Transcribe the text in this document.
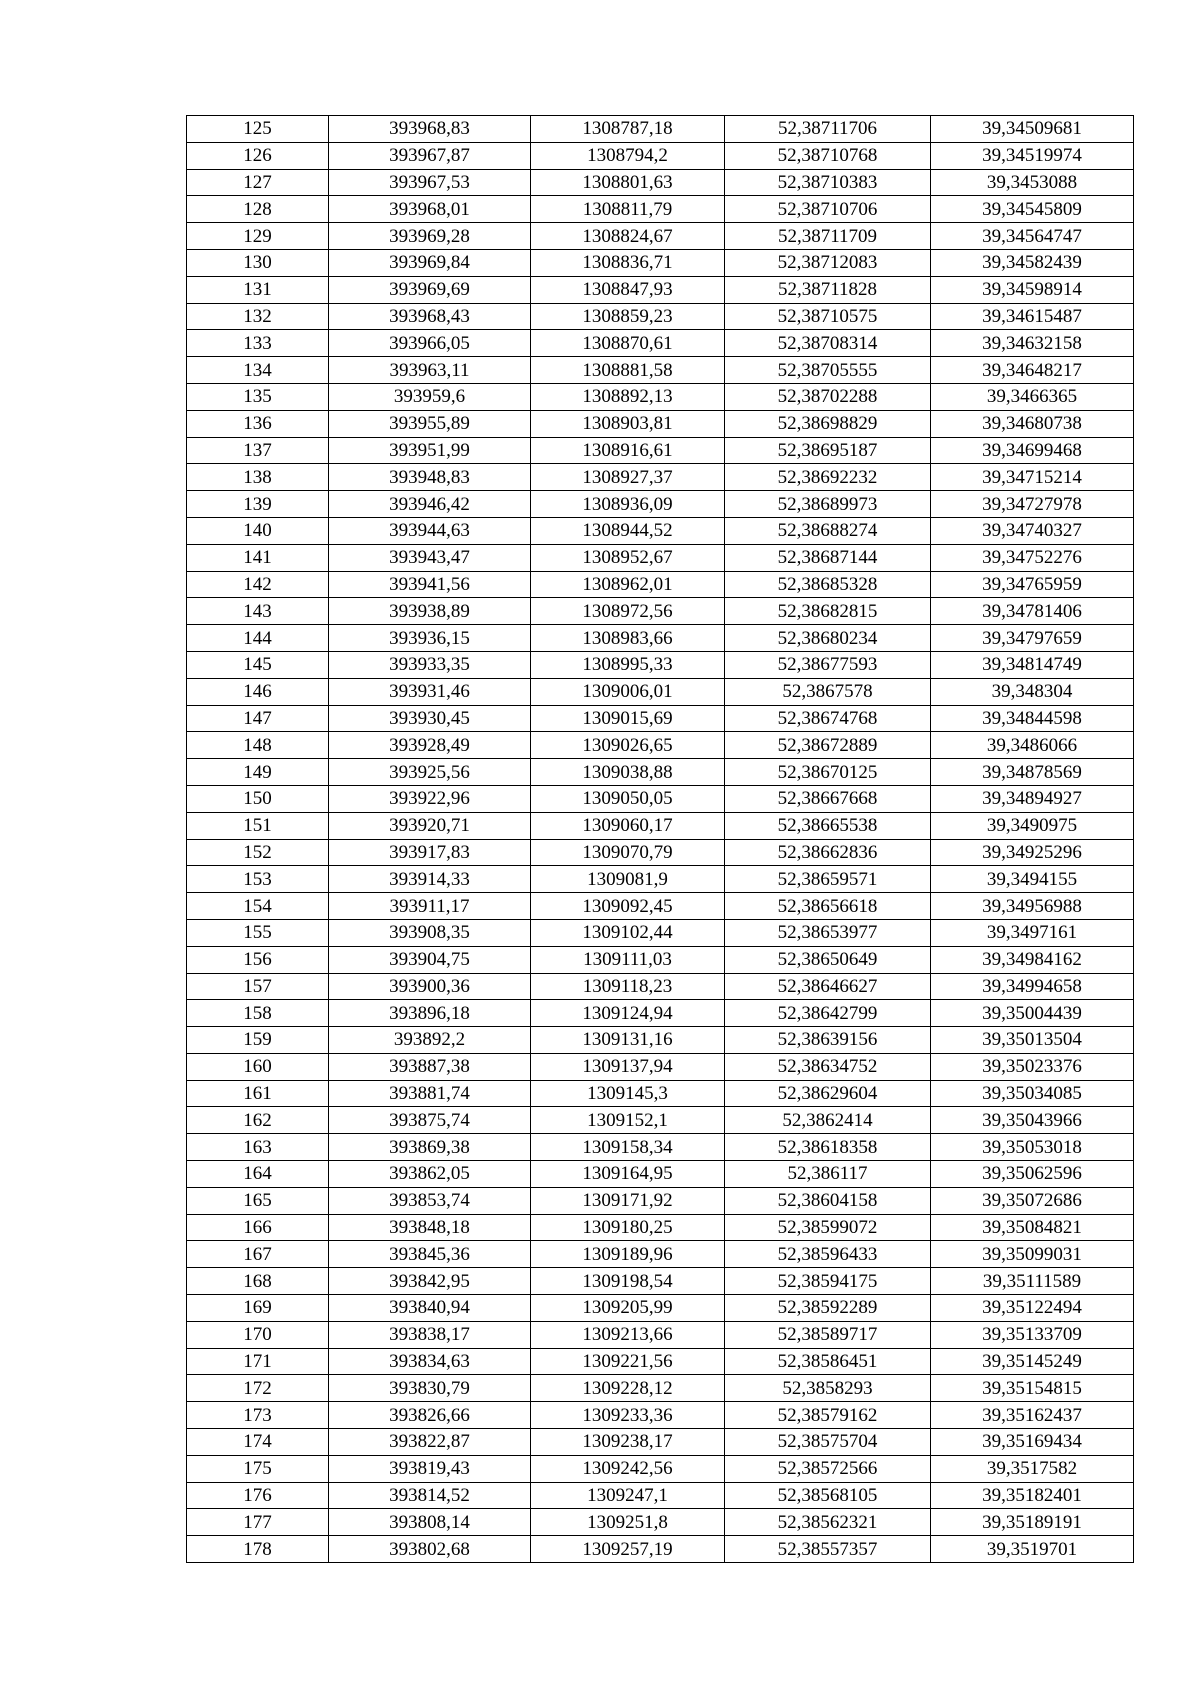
125	393968,83	1308787,18	52,38711706	39,34509681
126	393967,87	1308794,2	52,38710768	39,34519974
127	393967,53	1308801,63	52,38710383	39,3453088
128	393968,01	1308811,79	52,38710706	39,34545809
129	393969,28	1308824,67	52,38711709	39,34564747
130	393969,84	1308836,71	52,38712083	39,34582439
131	393969,69	1308847,93	52,38711828	39,34598914
132	393968,43	1308859,23	52,38710575	39,34615487
133	393966,05	1308870,61	52,38708314	39,34632158
134	393963,11	1308881,58	52,38705555	39,34648217
135	393959,6	1308892,13	52,38702288	39,3466365
136	393955,89	1308903,81	52,38698829	39,34680738
137	393951,99	1308916,61	52,38695187	39,34699468
138	393948,83	1308927,37	52,38692232	39,34715214
139	393946,42	1308936,09	52,38689973	39,34727978
140	393944,63	1308944,52	52,38688274	39,34740327
141	393943,47	1308952,67	52,38687144	39,34752276
142	393941,56	1308962,01	52,38685328	39,34765959
143	393938,89	1308972,56	52,38682815	39,34781406
144	393936,15	1308983,66	52,38680234	39,34797659
145	393933,35	1308995,33	52,38677593	39,34814749
146	393931,46	1309006,01	52,3867578	39,348304
147	393930,45	1309015,69	52,38674768	39,34844598
148	393928,49	1309026,65	52,38672889	39,3486066
149	393925,56	1309038,88	52,38670125	39,34878569
150	393922,96	1309050,05	52,38667668	39,34894927
151	393920,71	1309060,17	52,38665538	39,3490975
152	393917,83	1309070,79	52,38662836	39,34925296
153	393914,33	1309081,9	52,38659571	39,3494155
154	393911,17	1309092,45	52,38656618	39,34956988
155	393908,35	1309102,44	52,38653977	39,3497161
156	393904,75	1309111,03	52,38650649	39,34984162
157	393900,36	1309118,23	52,38646627	39,34994658
158	393896,18	1309124,94	52,38642799	39,35004439
159	393892,2	1309131,16	52,38639156	39,35013504
160	393887,38	1309137,94	52,38634752	39,35023376
161	393881,74	1309145,3	52,38629604	39,35034085
162	393875,74	1309152,1	52,3862414	39,35043966
163	393869,38	1309158,34	52,38618358	39,35053018
164	393862,05	1309164,95	52,386117	39,35062596
165	393853,74	1309171,92	52,38604158	39,35072686
166	393848,18	1309180,25	52,38599072	39,35084821
167	393845,36	1309189,96	52,38596433	39,35099031
168	393842,95	1309198,54	52,38594175	39,35111589
169	393840,94	1309205,99	52,38592289	39,35122494
170	393838,17	1309213,66	52,38589717	39,35133709
171	393834,63	1309221,56	52,38586451	39,35145249
172	393830,79	1309228,12	52,3858293	39,35154815
173	393826,66	1309233,36	52,38579162	39,35162437
174	393822,87	1309238,17	52,38575704	39,35169434
175	393819,43	1309242,56	52,38572566	39,3517582
176	393814,52	1309247,1	52,38568105	39,35182401
177	393808,14	1309251,8	52,38562321	39,35189191
178	393802,68	1309257,19	52,38557357	39,3519701
